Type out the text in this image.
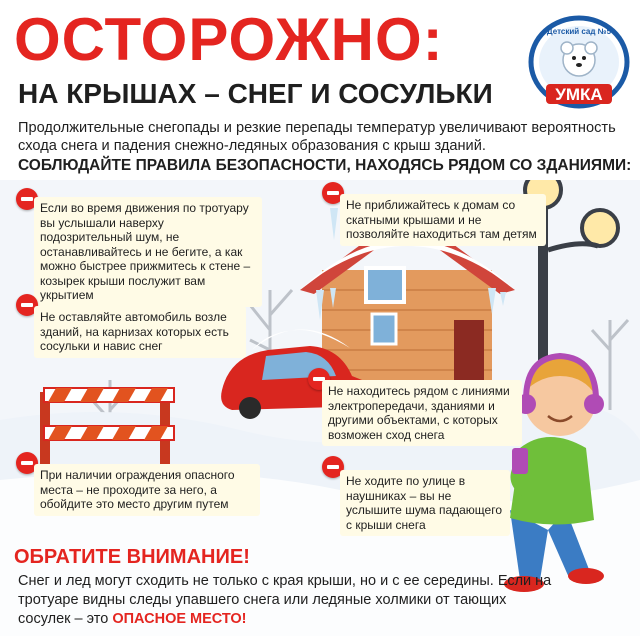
ОСТОРОЖНО:
НА КРЫШАХ – СНЕГ И СОСУЛЬКИ
Продолжительные снегопады и резкие перепады температур увеличивают вероятность схода снега и падения снежно-ледяных образования с крыш зданий.
СОБЛЮДАЙТЕ ПРАВИЛА БЕЗОПАСНОСТИ, НАХОДЯСЬ РЯДОМ СО ЗДАНИЯМИ:
Детский сад №5
УМКА
Если во время движения по тротуару вы услышали наверху подозрительный шум, не останавливайтесь и не бегите, а как можно быстрее прижмитесь к стене – козырек крыши послужит вам укрытием
Не оставляйте автомобиль возле зданий, на карнизах которых есть сосульки и навис снег
При наличии ограждения опасного места – не проходите за него, а обойдите это место другим путем
Не приближайтесь к домам со скатными крышами и не позволяйте находиться там детям
Не находитесь рядом с линиями электропередачи, зданиями и другими объектами, с которых возможен сход снега
Не ходите по улице в наушниках – вы не услышите шума падающего с крыши снега
ОБРАТИТЕ ВНИМАНИЕ!
Снег и лед могут сходить не только с края крыши, но и с ее середины. Если на тротуаре видны следы упавшего снега или ледяные холмики от тающих сосулек – это ОПАСНОЕ МЕСТО!
